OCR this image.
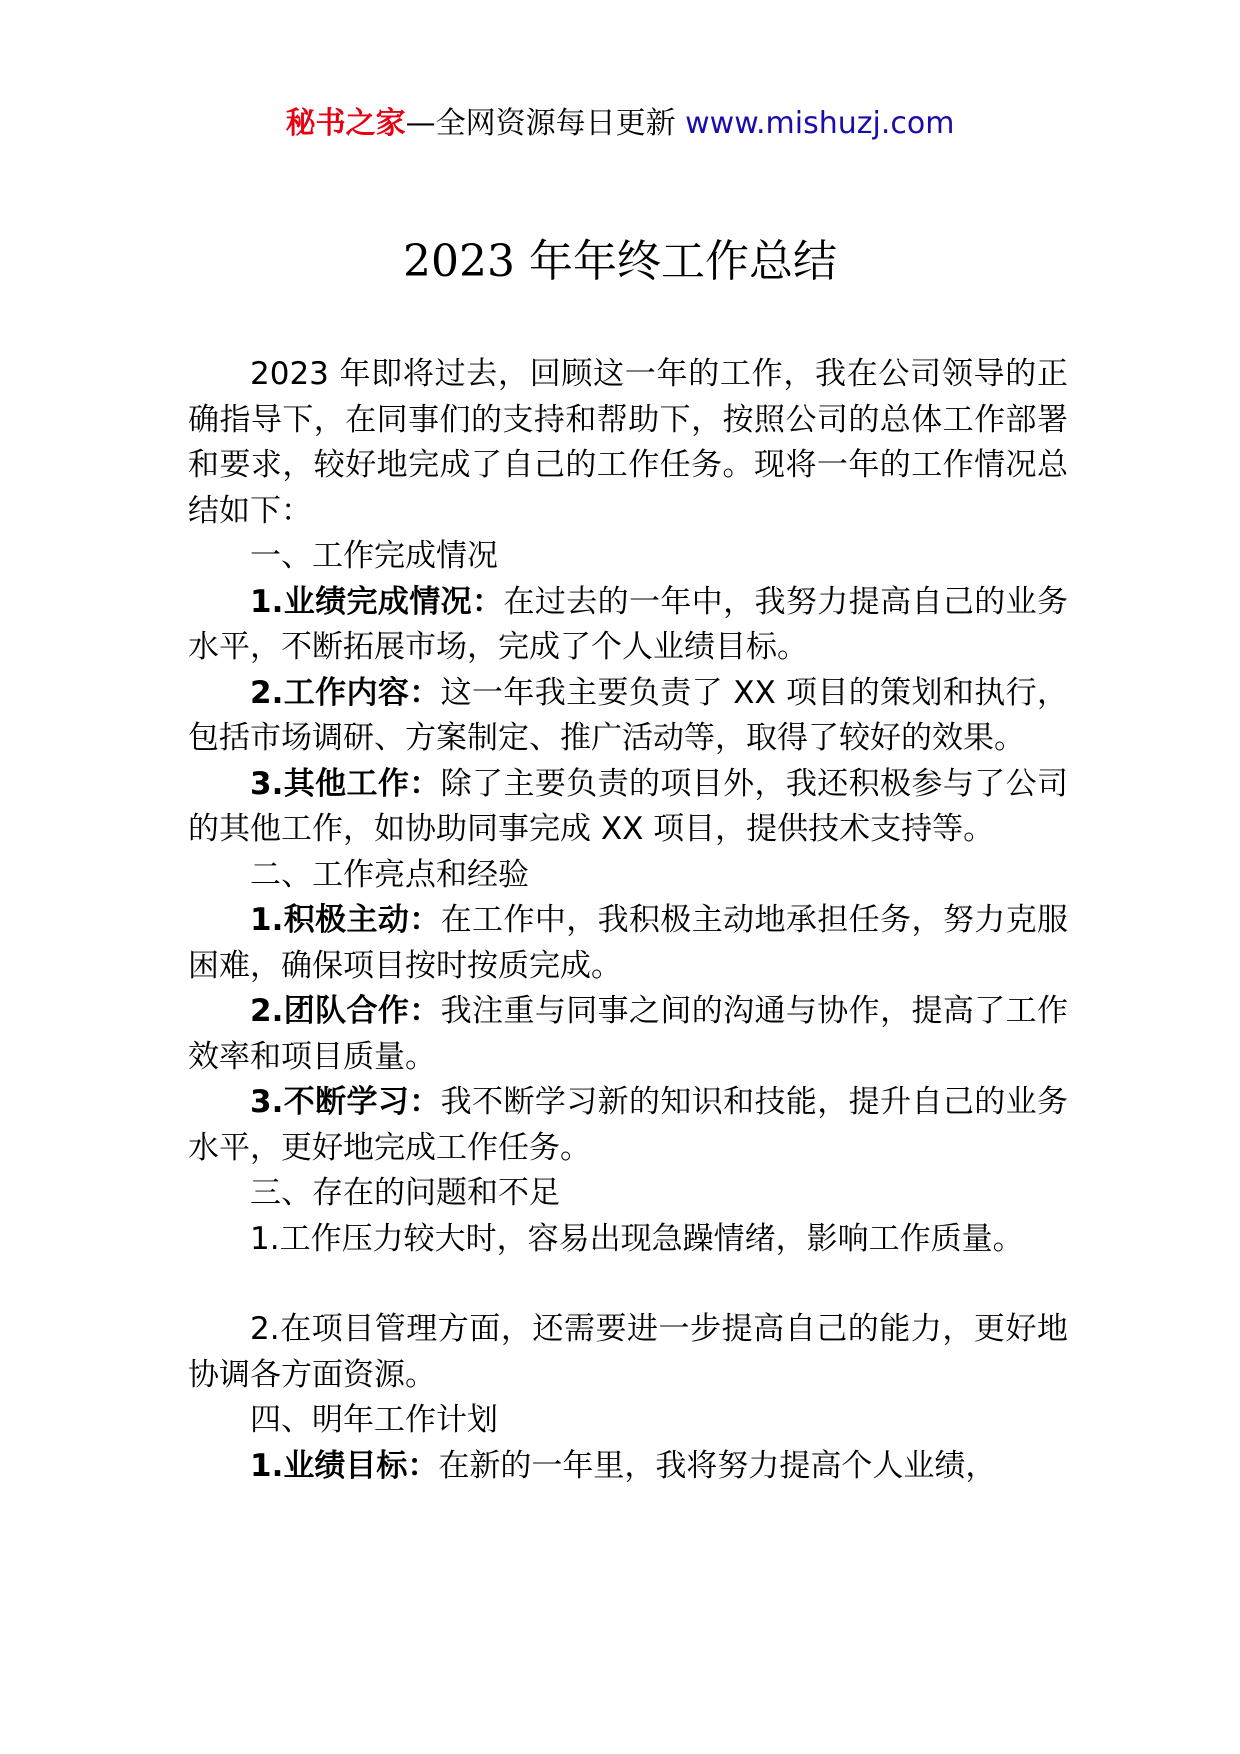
秘书之家—全网资源每日更新 www.mishuzj.com
2023 年年终工作总结

2023 年即将过去，回顾这一年的工作，我在公司领导的正确指导下，在同事们的支持和帮助下，按照公司的总体工作部署和要求，较好地完成了自己的工作任务。现将一年的工作情况总结如下：

一、工作完成情况

1.业绩完成情况：在过去的一年中，我努力提高自己的业务水平，不断拓展市场，完成了个人业绩目标。

2.工作内容：这一年我主要负责了 XX 项目的策划和执行，包括市场调研、方案制定、推广活动等，取得了较好的效果。

3.其他工作：除了主要负责的项目外，我还积极参与了公司的其他工作，如协助同事完成 XX 项目，提供技术支持等。

二、工作亮点和经验

1.积极主动：在工作中，我积极主动地承担任务，努力克服困难，确保项目按时按质完成。

2.团队合作：我注重与同事之间的沟通与协作，提高了工作效率和项目质量。

3.不断学习：我不断学习新的知识和技能，提升自己的业务水平，更好地完成工作任务。

三、存在的问题和不足

1.工作压力较大时，容易出现急躁情绪，影响工作质量。

2.在项目管理方面，还需要进一步提高自己的能力，更好地协调各方面资源。

四、明年工作计划

1.业绩目标：在新的一年里，我将努力提高个人业绩，
